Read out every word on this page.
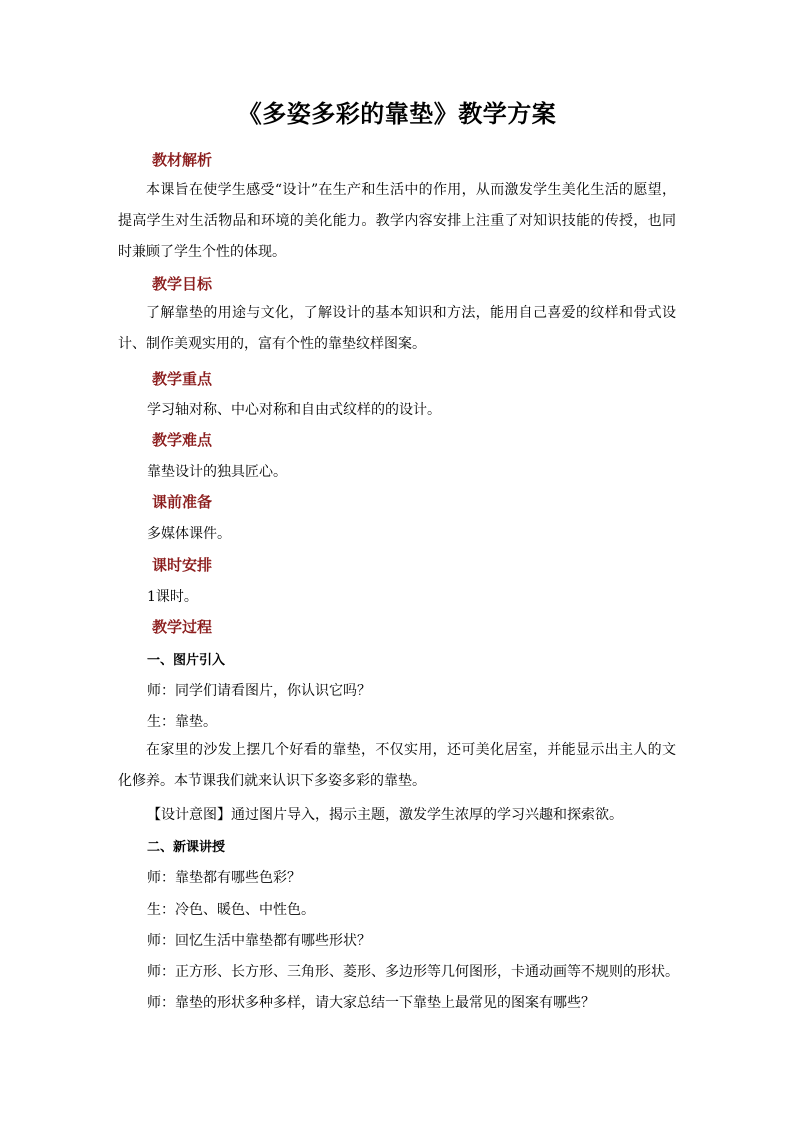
《多姿多彩的靠垫》教学方案
教材解析
本课旨在使学生感受“设计”在生产和生活中的作用，从而激发学生美化生活的愿望，提高学生对生活物品和环境的美化能力。教学内容安排上注重了对知识技能的传授，也同时兼顾了学生个性的体现。
教学目标
了解靠垫的用途与文化，了解设计的基本知识和方法，能用自己喜爱的纹样和骨式设计、制作美观实用的，富有个性的靠垫纹样图案。
教学重点
学习轴对称、中心对称和自由式纹样的的设计。
教学难点
靠垫设计的独具匠心。
课前准备
多媒体课件。
课时安排
1课时。
教学过程
一、图片引入
师：同学们请看图片，你认识它吗？
生：靠垫。
在家里的沙发上摆几个好看的靠垫，不仅实用，还可美化居室，并能显示出主人的文化修养。本节课我们就来认识下多姿多彩的靠垫。
【设计意图】通过图片导入，揭示主题，激发学生浓厚的学习兴趣和探索欲。
二、新课讲授
师：靠垫都有哪些色彩？
生：冷色、暖色、中性色。
师：回忆生活中靠垫都有哪些形状？
师：正方形、长方形、三角形、菱形、多边形等几何图形，卡通动画等不规则的形状。
师：靠垫的形状多种多样，请大家总结一下靠垫上最常见的图案有哪些？
